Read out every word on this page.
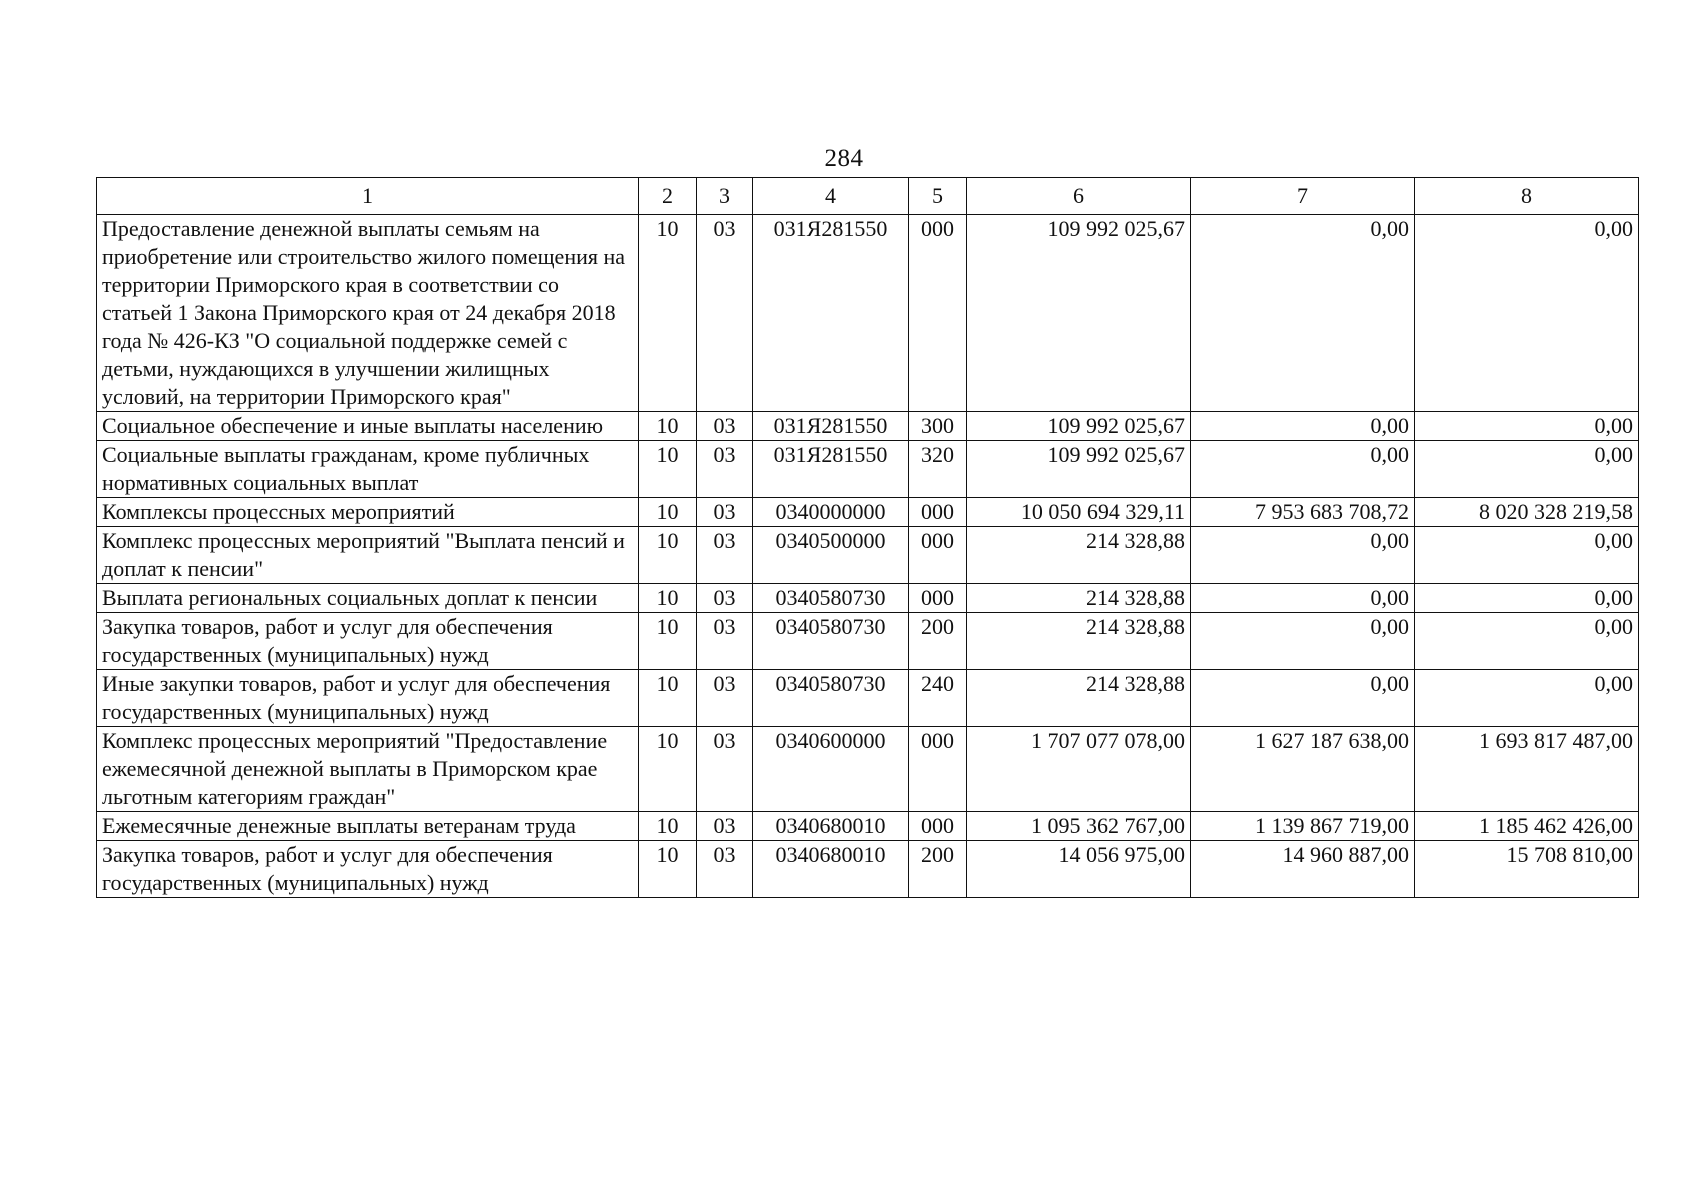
284
1	2	3	4	5	6	7	8
Предоставление денежной выплаты семьям на приобретение или строительство жилого помещения на территории Приморского края в соответствии со статьей 1 Закона Приморского края от 24 декабря 2018 года № 426-КЗ "О социальной поддержке семей с детьми, нуждающихся в улучшении жилищных условий, на территории Приморского края"	10	03	031Я281550	000	109 992 025,67	0,00	0,00
Социальное обеспечение и иные выплаты населению	10	03	031Я281550	300	109 992 025,67	0,00	0,00
Социальные выплаты гражданам, кроме публичных нормативных социальных выплат	10	03	031Я281550	320	109 992 025,67	0,00	0,00
Комплексы процессных мероприятий	10	03	0340000000	000	10 050 694 329,11	7 953 683 708,72	8 020 328 219,58
Комплекс процессных мероприятий "Выплата пенсий и доплат к пенсии"	10	03	0340500000	000	214 328,88	0,00	0,00
Выплата региональных социальных доплат к пенсии	10	03	0340580730	000	214 328,88	0,00	0,00
Закупка товаров, работ и услуг для обеспечения государственных (муниципальных) нужд	10	03	0340580730	200	214 328,88	0,00	0,00
Иные закупки товаров, работ и услуг для обеспечения государственных (муниципальных) нужд	10	03	0340580730	240	214 328,88	0,00	0,00
Комплекс процессных мероприятий "Предоставление ежемесячной денежной выплаты в Приморском крае льготным категориям граждан"	10	03	0340600000	000	1 707 077 078,00	1 627 187 638,00	1 693 817 487,00
Ежемесячные денежные выплаты ветеранам труда	10	03	0340680010	000	1 095 362 767,00	1 139 867 719,00	1 185 462 426,00
Закупка товаров, работ и услуг для обеспечения государственных (муниципальных) нужд	10	03	0340680010	200	14 056 975,00	14 960 887,00	15 708 810,00
